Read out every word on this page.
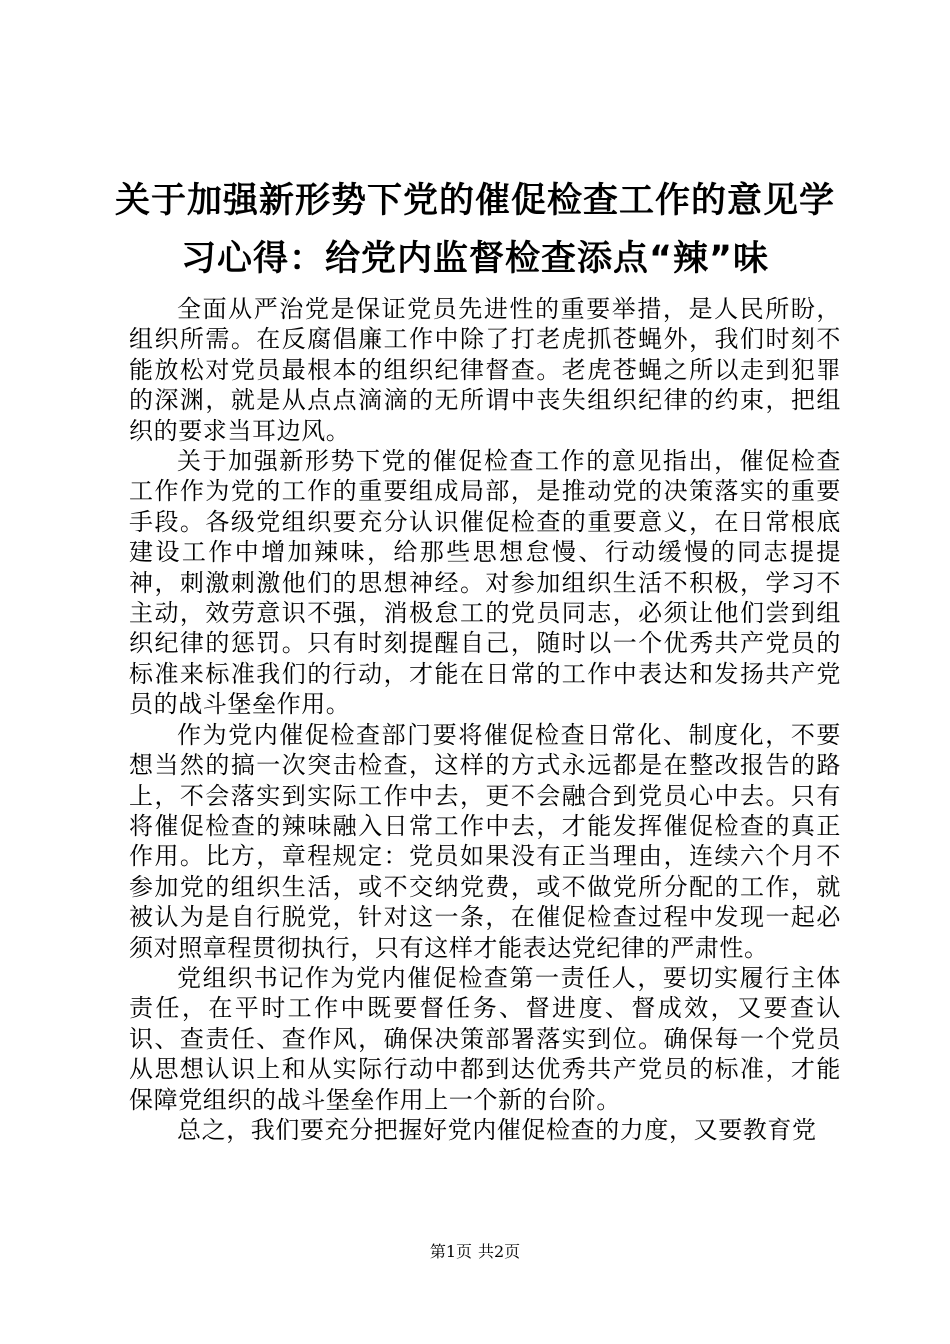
关于加强新形势下党的催促检查工作的意见学习心得：给党内监督检查添点“辣”味

全面从严治党是保证党员先进性的重要举措，是人民所盼，组织所需。在反腐倡廉工作中除了打老虎抓苍蝇外，我们时刻不能放松对党员最根本的组织纪律督查。老虎苍蝇之所以走到犯罪的深渊，就是从点点滴滴的无所谓中丧失组织纪律的约束，把组织的要求当耳边风。

关于加强新形势下党的催促检查工作的意见指出，催促检查工作作为党的工作的重要组成局部，是推动党的决策落实的重要手段。各级党组织要充分认识催促检查的重要意义，在日常根底建设工作中增加辣味，给那些思想怠慢、行动缓慢的同志提提神，刺激刺激他们的思想神经。对参加组织生活不积极，学习不主动，效劳意识不强，消极怠工的党员同志，必须让他们尝到组织纪律的惩罚。只有时刻提醒自己，随时以一个优秀共产党员的标准来标准我们的行动，才能在日常的工作中表达和发扬共产党员的战斗堡垒作用。

作为党内催促检查部门要将催促检查日常化、制度化，不要想当然的搞一次突击检查，这样的方式永远都是在整改报告的路上，不会落实到实际工作中去，更不会融合到党员心中去。只有将催促检查的辣味融入日常工作中去，才能发挥催促检查的真正作用。比方，章程规定：党员如果没有正当理由，连续六个月不参加党的组织生活，或不交纳党费，或不做党所分配的工作，就被认为是自行脱党，针对这一条，在催促检查过程中发现一起必须对照章程贯彻执行，只有这样才能表达党纪律的严肃性。

党组织书记作为党内催促检查第一责任人，要切实履行主体责任，在平时工作中既要督任务、督进度、督成效，又要查认识、查责任、查作风，确保决策部署落实到位。确保每一个党员从思想认识上和从实际行动中都到达优秀共产党员的标准，才能保障党组织的战斗堡垒作用上一个新的台阶。

总之，我们要充分把握好党内催促检查的力度，又要教育党

第1页 共2页
